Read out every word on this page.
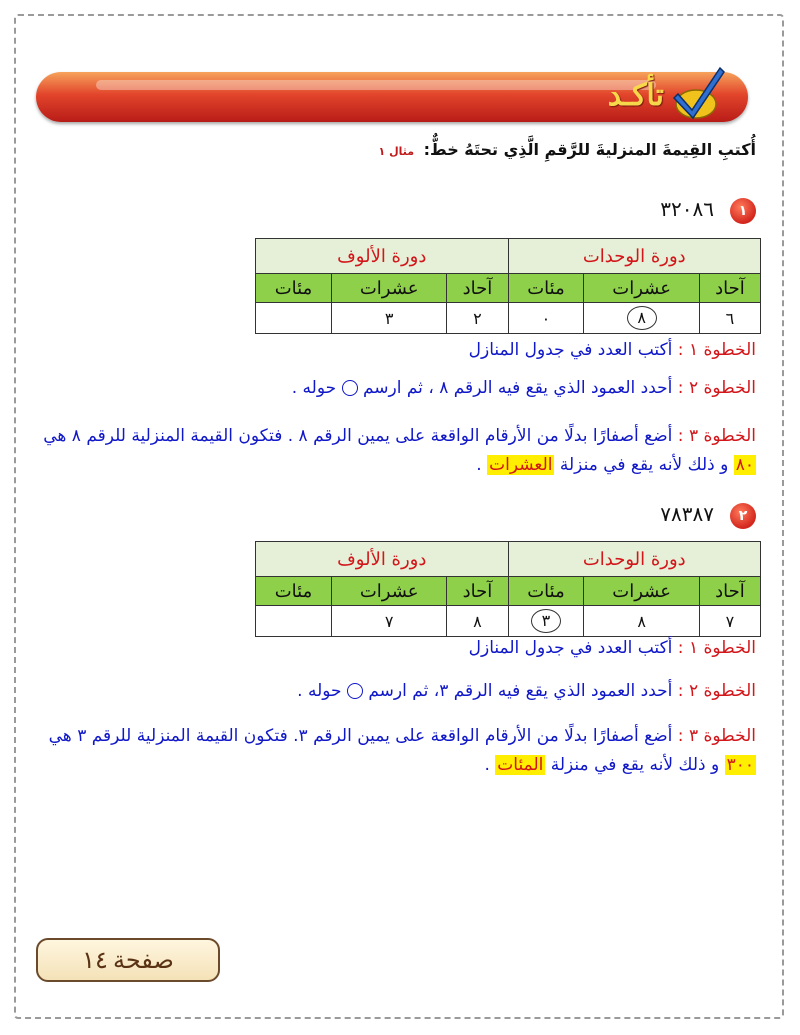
تأكـد
أُكتبِ القِيمةَ المنزليةَ للرَّقمِ الَّذِي تحتَهُ خطٌّ: مثال ١
١
٣٢٠٨٦
دورة الوحدات			دورة الألوف		
آحاد	عشرات	مئات	آحاد	عشرات	مئات
٦	٨	٠	٢	٣	
الخطوة ١ : أكتب العدد في جدول المنازل
الخطوة ٢ : أحدد العمود الذي يقع فيه الرقم ٨ ، ثم ارسم  حوله .
الخطوة ٣ : أضع أصفارًا بدلًا من الأرقام الواقعة على يمين الرقم ٨ . فتكون القيمة المنزلية للرقم ٨ هي ٨٠ و ذلك لأنه يقع في منزلة العشرات .
٢
٧٨٣٨٧
دورة الوحدات			دورة الألوف		
آحاد	عشرات	مئات	آحاد	عشرات	مئات
٧	٨	٣	٨	٧	
الخطوة ١ : أكتب العدد في جدول المنازل
الخطوة ٢ : أحدد العمود الذي يقع فيه الرقم ٣، ثم ارسم  حوله .
الخطوة ٣ : أضع أصفارًا بدلًا من الأرقام الواقعة على يمين الرقم ٣. فتكون القيمة المنزلية للرقم ٣ هي ٣٠٠ و ذلك لأنه يقع في منزلة المئات .
صفحة ١٤
